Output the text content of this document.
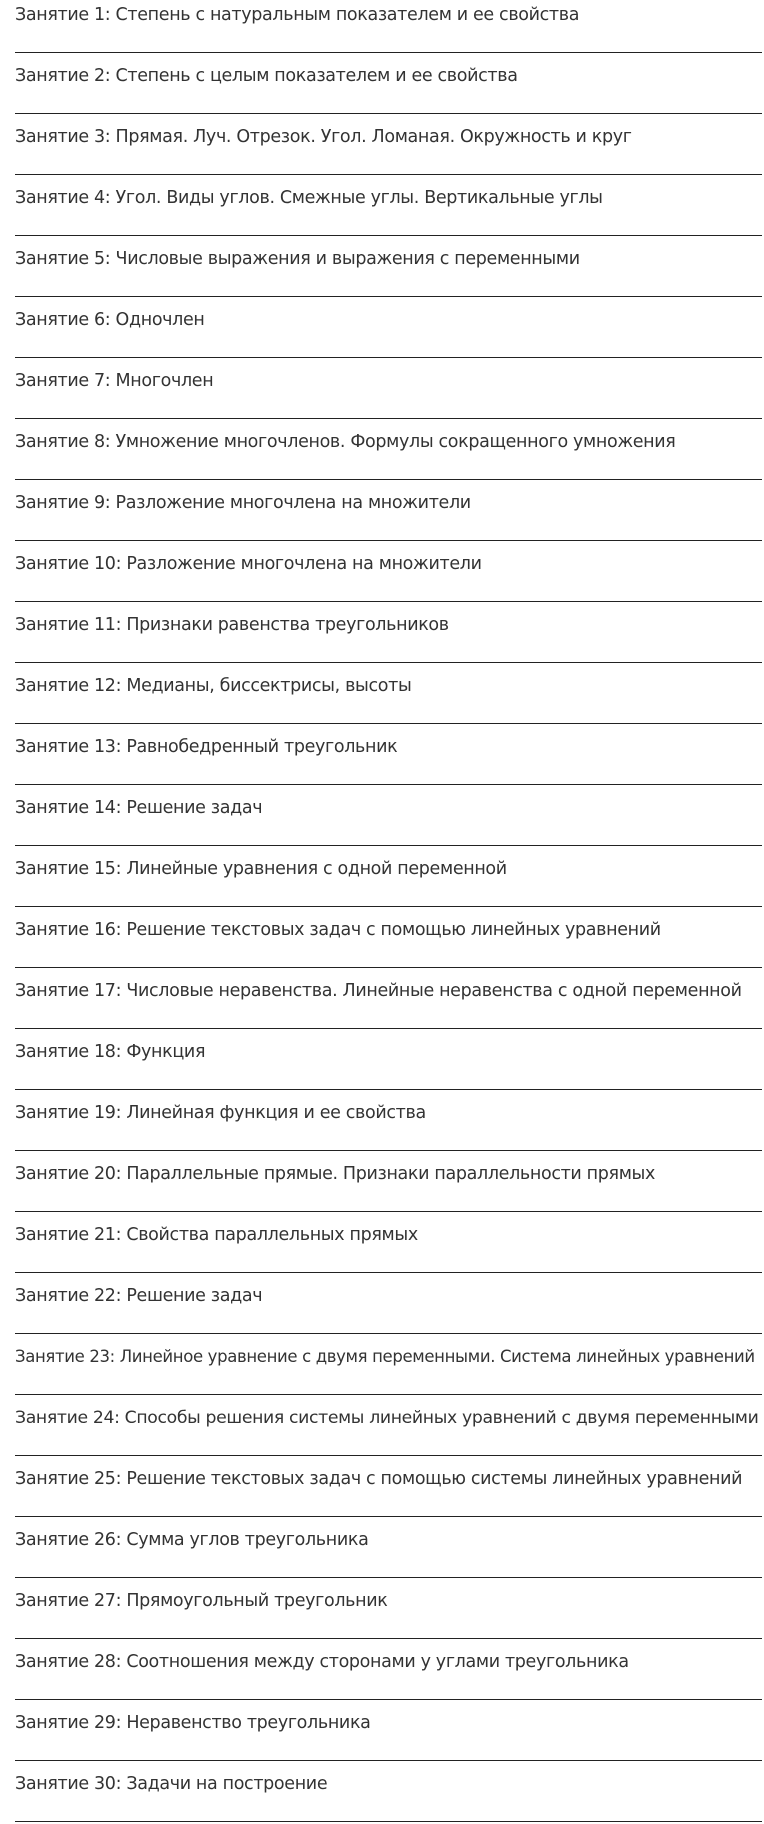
Занятие 1: Степень с натуральным показателем и ее свойства
Занятие 2: Степень с целым показателем и ее свойства
Занятие 3: Прямая. Луч. Отрезок. Угол. Ломаная. Окружность и круг
Занятие 4: Угол. Виды углов. Смежные углы. Вертикальные углы
Занятие 5: Числовые выражения и выражения с переменными
Занятие 6: Одночлен
Занятие 7: Многочлен
Занятие 8: Умножение многочленов. Формулы сокращенного умножения
Занятие 9: Разложение многочлена на множители
Занятие 10: Разложение многочлена на множители
Занятие 11: Признаки равенства треугольников
Занятие 12: Медианы, биссектрисы, высоты
Занятие 13: Равнобедренный треугольник
Занятие 14: Решение задач
Занятие 15: Линейные уравнения с одной переменной
Занятие 16: Решение текстовых задач с помощью линейных уравнений
Занятие 17: Числовые неравенства. Линейные неравенства с одной переменной
Занятие 18: Функция
Занятие 19: Линейная функция и ее свойства
Занятие 20: Параллельные прямые. Признаки параллельности прямых
Занятие 21: Свойства параллельных прямых
Занятие 22: Решение задач
Занятие 23: Линейное уравнение с двумя переменными. Система линейных уравнений
Занятие 24: Способы решения системы линейных уравнений с двумя переменными
Занятие 25: Решение текстовых задач с помощью системы линейных уравнений
Занятие 26: Сумма углов треугольника
Занятие 27: Прямоугольный треугольник
Занятие 28: Соотношения между сторонами у углами треугольника
Занятие 29: Неравенство треугольника
Занятие 30: Задачи на построение
